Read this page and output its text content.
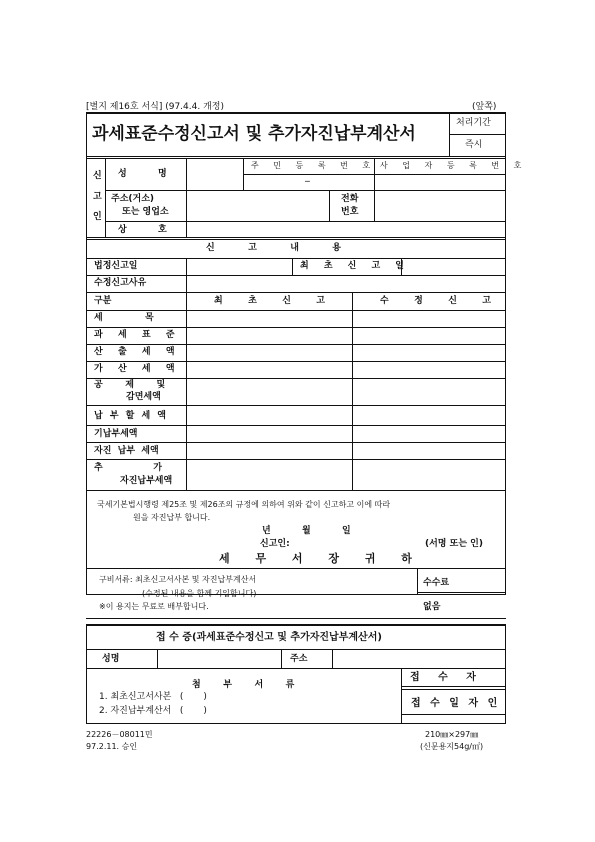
[별지 제16호 서식] (97.4.4. 개정)	(앞쪽)
과세표준수정신고서 및 추가자진납부계산서
처리기간
즉시
신
고
인
성          명
주 민 등 록 번 호
─
사 업 자 등 록 번 호
주소(거소)
또는 영업소
전화
번호
상          호
신   고   내   용
법정신고일	최 초 신 고 일
수정신고사유
구분	최   초   신   고	수   정   신   고
세          목
과  세  표  준
산  출  세  액
가  산  세  액
공    제    및
감면세액
납 부 할 세 액
기납부세액
자진  납부  세액
추            가
자진납부세액
국세기본법시행령 제25조 및 제26조의 규정에 의하여 위와 같이 신고하고 이에 따라
원을 자진납부 합니다.
년          월          일
신고인:	(서명 또는 인)
세 무 서 장 귀 하
구비서류: 최초신고서사본 및 자진납부계산서
(수정된 내용을 함께 기입합니다)
※이 용지는 무료로 배부합니다.
수수료
없음
접 수 증(과세표준수정신고 및 추가자진납부계산서)
성명	주소
첨    부    서    류
1. 최초신고서사본   (       )
2. 자진납부계산서   (       )
접   수   자
접 수 일 자 인
22226－08011민
97.2.11. 승인
210㎜×297㎜
(신문용지54g/㎡)
